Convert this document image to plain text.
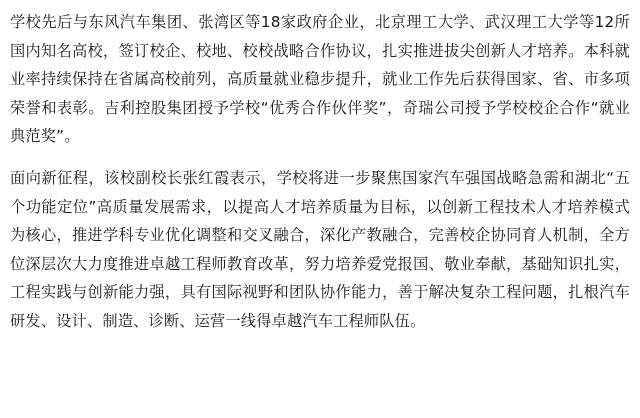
学校先后与东风汽车集团、张湾区等18家政府企业，北京理工大学、武汉理工大学等12所国内知名高校，签订校企、校地、校校战略合作协议，扎实推进拔尖创新人才培养。本科就业率持续保持在省属高校前列，高质量就业稳步提升，就业工作先后获得国家、省、市多项荣誉和表彰。吉利控股集团授予学校“优秀合作伙伴奖”，奇瑞公司授予学校校企合作“就业典范奖”。

面向新征程，该校副校长张红霞表示，学校将进一步聚焦国家汽车强国战略急需和湖北“五个功能定位”高质量发展需求，以提高人才培养质量为目标，以创新工程技术人才培养模式为核心，推进学科专业优化调整和交叉融合，深化产教融合，完善校企协同育人机制，全方位深层次大力度推进卓越工程师教育改革，努力培养爱党报国、敬业奉献，基础知识扎实，工程实践与创新能力强，具有国际视野和团队协作能力，善于解决复杂工程问题，扎根汽车研发、设计、制造、诊断、运营一线得卓越汽车工程师队伍。
